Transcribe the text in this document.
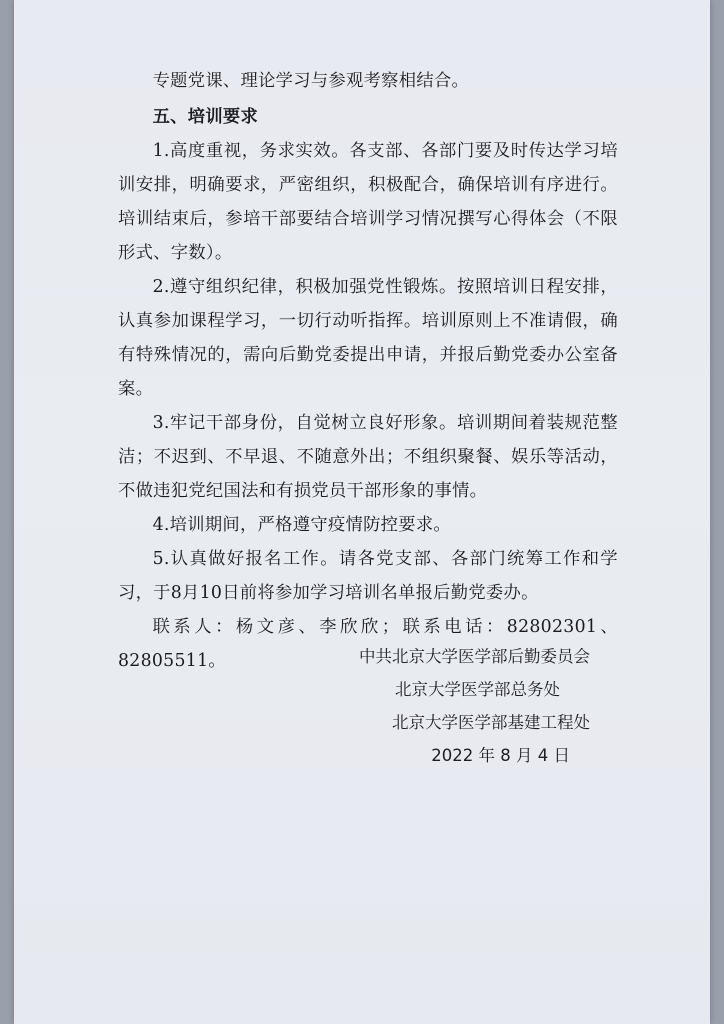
专题党课、理论学习与参观考察相结合。

五、培训要求

1.高度重视，务求实效。各支部、各部门要及时传达学习培训安排，明确要求，严密组织，积极配合，确保培训有序进行。培训结束后，参培干部要结合培训学习情况撰写心得体会（不限形式、字数）。

2.遵守组织纪律，积极加强党性锻炼。按照培训日程安排，认真参加课程学习，一切行动听指挥。培训原则上不准请假，确有特殊情况的，需向后勤党委提出申请，并报后勤党委办公室备案。

3.牢记干部身份，自觉树立良好形象。培训期间着装规范整洁；不迟到、不早退、不随意外出；不组织聚餐、娱乐等活动，不做违犯党纪国法和有损党员干部形象的事情。

4.培训期间，严格遵守疫情防控要求。

5.认真做好报名工作。请各党支部、各部门统筹工作和学习，于8月10日前将参加学习培训名单报后勤党委办。

联系人：杨文彦、李欣欣；联系电话：82802301、82805511。	中共北京大学医学部后勤委员会
北京大学医学部总务处
北京大学医学部基建工程处
2022 年 8 月 4 日
